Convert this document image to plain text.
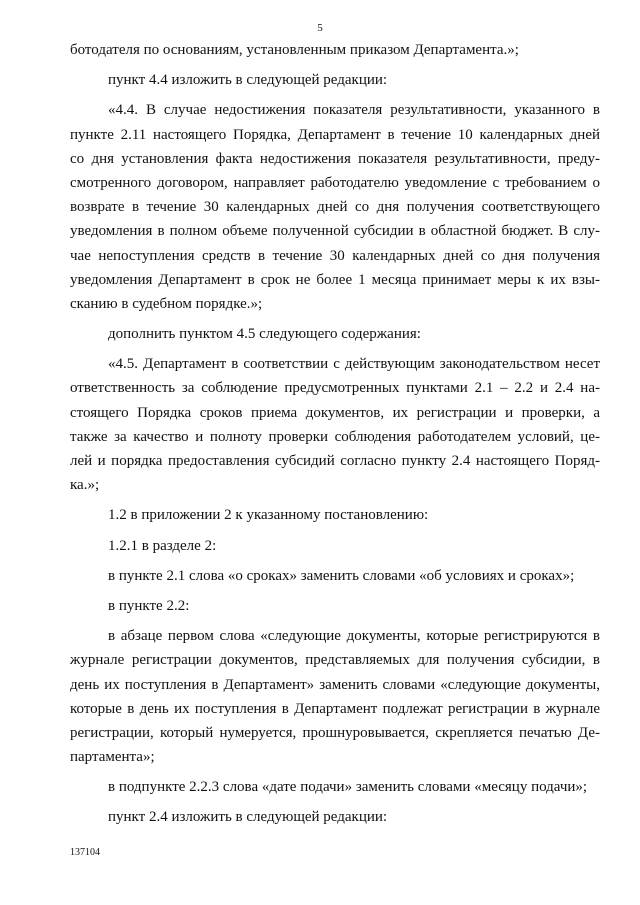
5
ботодателя по основаниям, установленным приказом Департамента.»;
пункт 4.4 изложить в следующей редакции:
«4.4. В случае недостижения показателя результативности, указанного в
пункте 2.11 настоящего Порядка, Департамент в течение 10 календарных дней
со дня установления факта недостижения показателя результативности, преду-
смотренного договором, направляет работодателю уведомление с требованием о
возврате в течение 30 календарных дней со дня получения соответствующего
уведомления в полном объеме полученной субсидии в областной бюджет. В слу-
чае непоступления средств в течение 30 календарных дней со дня получения
уведомления Департамент в срок не более 1 месяца принимает меры к их взы-
сканию в судебном порядке.»;
дополнить пунктом 4.5 следующего содержания:
«4.5. Департамент в соответствии с действующим законодательством несет
ответственность за соблюдение предусмотренных пунктами 2.1 – 2.2 и 2.4 на-
стоящего Порядка сроков приема документов, их регистрации и проверки, а
также за качество и полноту проверки соблюдения работодателем условий, це-
лей и порядка предоставления субсидий согласно пункту 2.4 настоящего Поряд-
ка.»;
1.2 в приложении 2 к указанному постановлению:
1.2.1 в разделе 2:
в пункте 2.1 слова «о сроках» заменить словами «об условиях и сроках»;
в пункте 2.2:
в абзаце первом слова «следующие документы, которые регистрируются в
журнале регистрации документов, представляемых для получения субсидии, в
день их поступления в Департамент» заменить словами «следующие документы,
которые в день их поступления в Департамент подлежат регистрации в журнале
регистрации, который нумеруется, прошнуровывается, скрепляется печатью Де-
партамента»;
в подпункте 2.2.3 слова «дате подачи» заменить словами «месяцу подачи»;
пункт 2.4 изложить в следующей редакции:
137104
